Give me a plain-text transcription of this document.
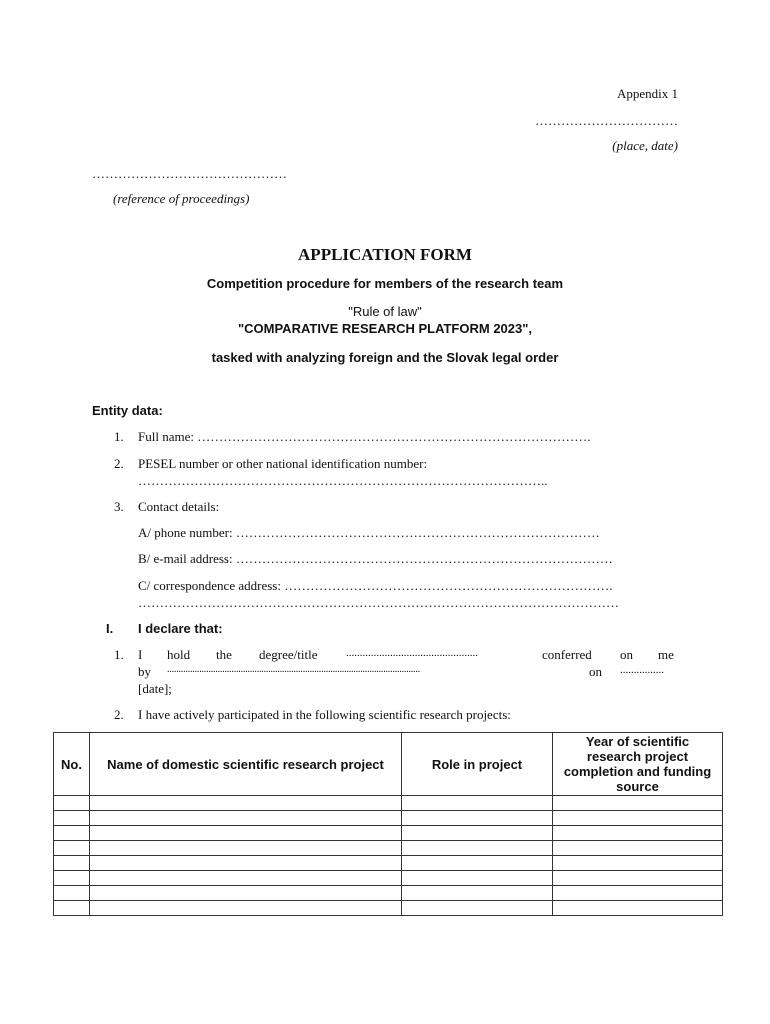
Appendix 1
……………………………
(place, date)
………………………………………
(reference of proceedings)
APPLICATION FORM
Competition procedure for members of the research team
"Rule of law"
"COMPARATIVE RESEARCH PLATFORM 2023",
tasked with analyzing foreign and the Slovak legal order
Entity data:
1. Full name: ……………………………………………………………………………….
2. PESEL number or other national identification number:
…………………………………………………………………………………..
3. Contact details:
A/ phone number: …………………………………………………………………………
B/ e-mail address: ……………………………………………………………………………
C/ correspondence address: ………………………………………………………………….
…………………………………………………………………………………………………
I. I declare that:
1. I hold the degree/title	................................................	conferred on me
by ..............................................................................................................	on ................
[date];
2. I have actively participated in the following scientific research projects:
No.	Name of domestic scientific research project	Role in project	Year of scientific research project completion and funding source
